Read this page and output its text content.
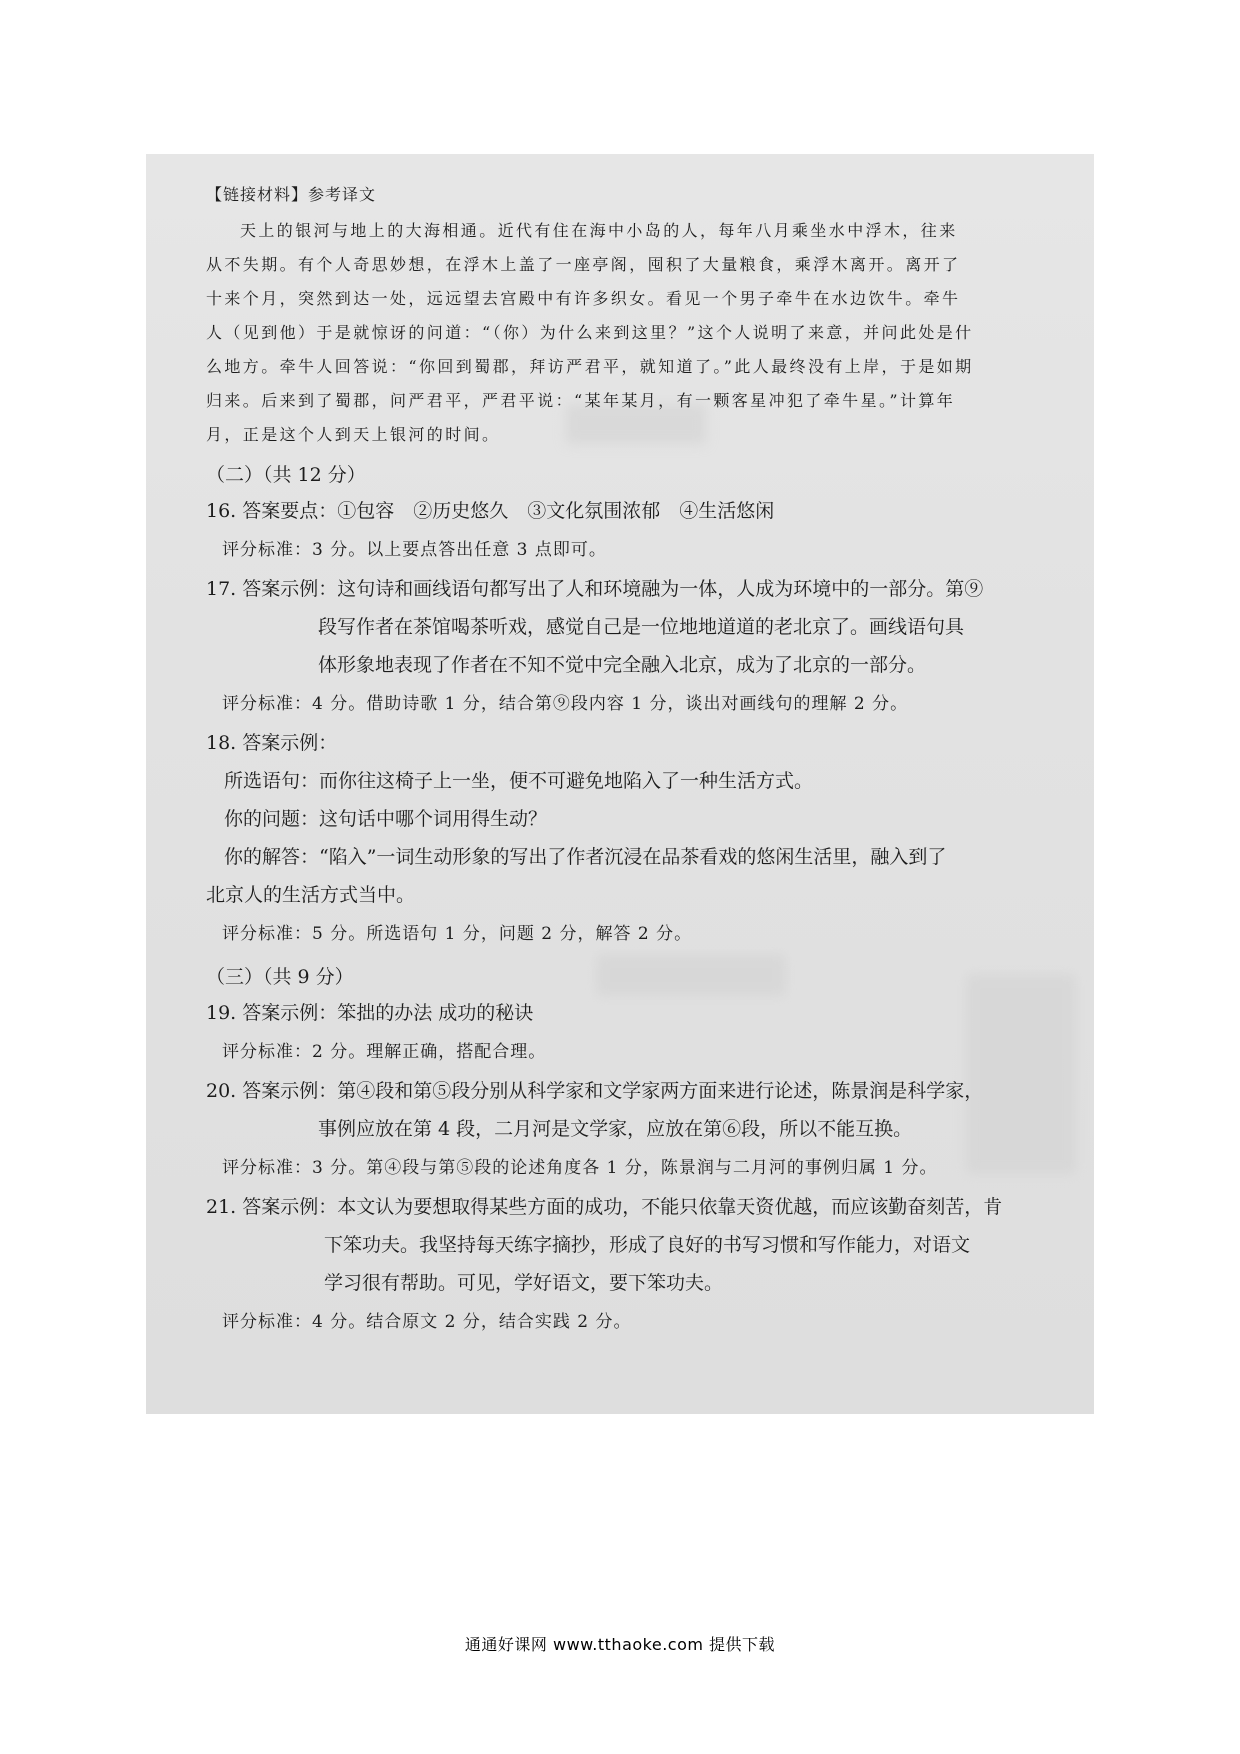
【链接材料】参考译文
天上的银河与地上的大海相通。近代有住在海中小岛的人，每年八月乘坐水中浮木，往来
从不失期。有个人奇思妙想，在浮木上盖了一座亭阁，囤积了大量粮食，乘浮木离开。离开了
十来个月，突然到达一处，远远望去宫殿中有许多织女。看见一个男子牵牛在水边饮牛。牵牛
人（见到他）于是就惊讶的问道：“（你）为什么来到这里？”这个人说明了来意，并问此处是什
么地方。牵牛人回答说：“你回到蜀郡，拜访严君平，就知道了。”此人最终没有上岸，于是如期
归来。后来到了蜀郡，问严君平，严君平说：“某年某月，有一颗客星冲犯了牵牛星。”计算年
月，正是这个人到天上银河的时间。
（二）（共 12 分）
16. 答案要点：①包容　②历史悠久　③文化氛围浓郁　④生活悠闲
评分标准：3 分。以上要点答出任意 3 点即可。
17. 答案示例：这句诗和画线语句都写出了人和环境融为一体，人成为环境中的一部分。第⑨
段写作者在茶馆喝茶听戏，感觉自己是一位地地道道的老北京了。画线语句具
体形象地表现了作者在不知不觉中完全融入北京，成为了北京的一部分。
评分标准：4 分。借助诗歌 1 分，结合第⑨段内容 1 分，谈出对画线句的理解 2 分。
18. 答案示例：
所选语句：而你往这椅子上一坐，便不可避免地陷入了一种生活方式。
你的问题：这句话中哪个词用得生动？
你的解答：“陷入”一词生动形象的写出了作者沉浸在品茶看戏的悠闲生活里，融入到了
北京人的生活方式当中。
评分标准：5 分。所选语句 1 分，问题 2 分，解答 2 分。
（三）（共 9 分）
19. 答案示例：笨拙的办法 成功的秘诀
评分标准：2 分。理解正确，搭配合理。
20. 答案示例：第④段和第⑤段分别从科学家和文学家两方面来进行论述，陈景润是科学家，
事例应放在第 4 段，二月河是文学家，应放在第⑥段，所以不能互换。
评分标准：3 分。第④段与第⑤段的论述角度各 1 分，陈景润与二月河的事例归属 1 分。
21. 答案示例：本文认为要想取得某些方面的成功，不能只依靠天资优越，而应该勤奋刻苦，肯
下笨功夫。我坚持每天练字摘抄，形成了良好的书写习惯和写作能力，对语文
学习很有帮助。可见，学好语文，要下笨功夫。
评分标准：4 分。结合原文 2 分，结合实践 2 分。
通通好课网 www.tthaoke.com 提供下载
